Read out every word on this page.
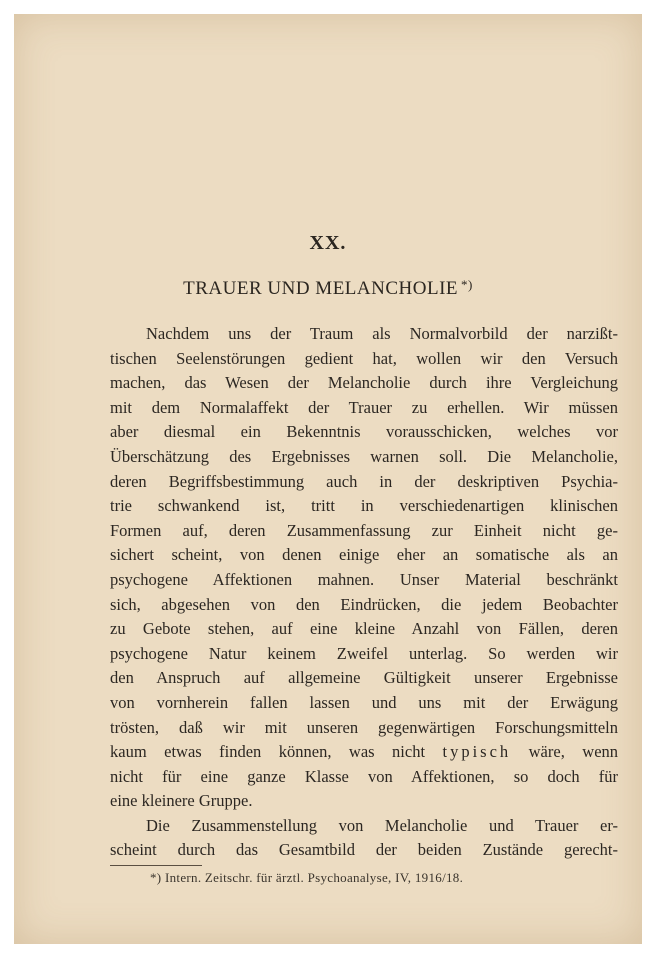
XX.
TRAUER UND MELANCHOLIE *)
Nachdem uns der Traum als Normalvorbild der narzißt-
tischen Seelenstörungen gedient hat, wollen wir den Versuch
machen, das Wesen der Melancholie durch ihre Vergleichung
mit dem Normalaffekt der Trauer zu erhellen. Wir müssen
aber diesmal ein Bekenntnis vorausschicken, welches vor
Überschätzung des Ergebnisses warnen soll. Die Melancholie,
deren Begriffsbestimmung auch in der deskriptiven Psychia-
trie schwankend ist, tritt in verschiedenartigen klinischen
Formen auf, deren Zusammenfassung zur Einheit nicht ge-
sichert scheint, von denen einige eher an somatische als an
psychogene Affektionen mahnen. Unser Material beschränkt
sich, abgesehen von den Eindrücken, die jedem Beobachter
zu Gebote stehen, auf eine kleine Anzahl von Fällen, deren
psychogene Natur keinem Zweifel unterlag. So werden wir
den Anspruch auf allgemeine Gültigkeit unserer Ergebnisse
von vornherein fallen lassen und uns mit der Erwägung
trösten, daß wir mit unseren gegenwärtigen Forschungsmitteln
kaum etwas finden können, was nicht typisch wäre, wenn
nicht für eine ganze Klasse von Affektionen, so doch für
eine kleinere Gruppe.
Die Zusammenstellung von Melancholie und Trauer er-
scheint durch das Gesamtbild der beiden Zustände gerecht-
*) Intern. Zeitschr. für ärztl. Psychoanalyse, IV, 1916/18.
